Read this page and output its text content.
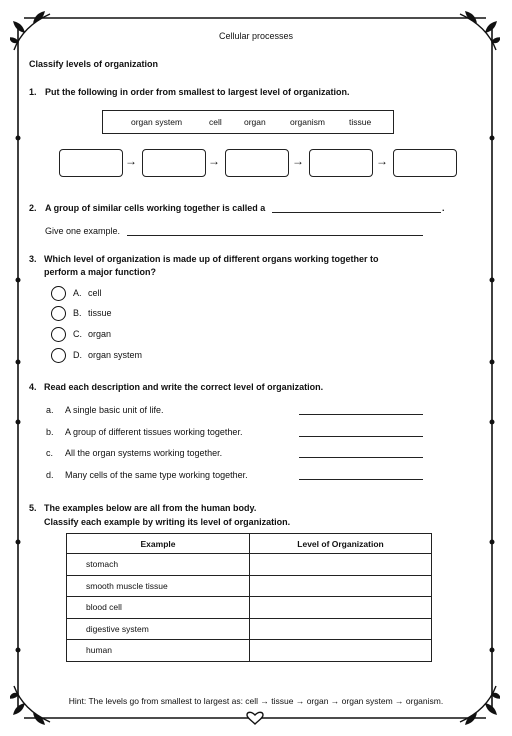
Cellular processes
Classify levels of organization
1. Put the following in order from smallest to largest level of organization.
organ system	cell	organ	organism	tissue
→	→	→	→
2. A group of similar cells working together is called a	.
Give one example.
3. Which level of organization is made up of different organs working together to
perform a major function?
A. cell
B. tissue
C. organ
D. organ system
4. Read each description and write the correct level of organization.
a. A single basic unit of life.
b. A group of different tissues working together.
c. All the organ systems working together.
d. Many cells of the same type working together.
5. The examples below are all from the human body.
Classify each example by writing its level of organization.
Example	Level of Organization
stomach	
smooth muscle tissue	
blood cell	
digestive system	
human	
Hint: The levels go from smallest to largest as: cell → tissue → organ → organ system → organism.
